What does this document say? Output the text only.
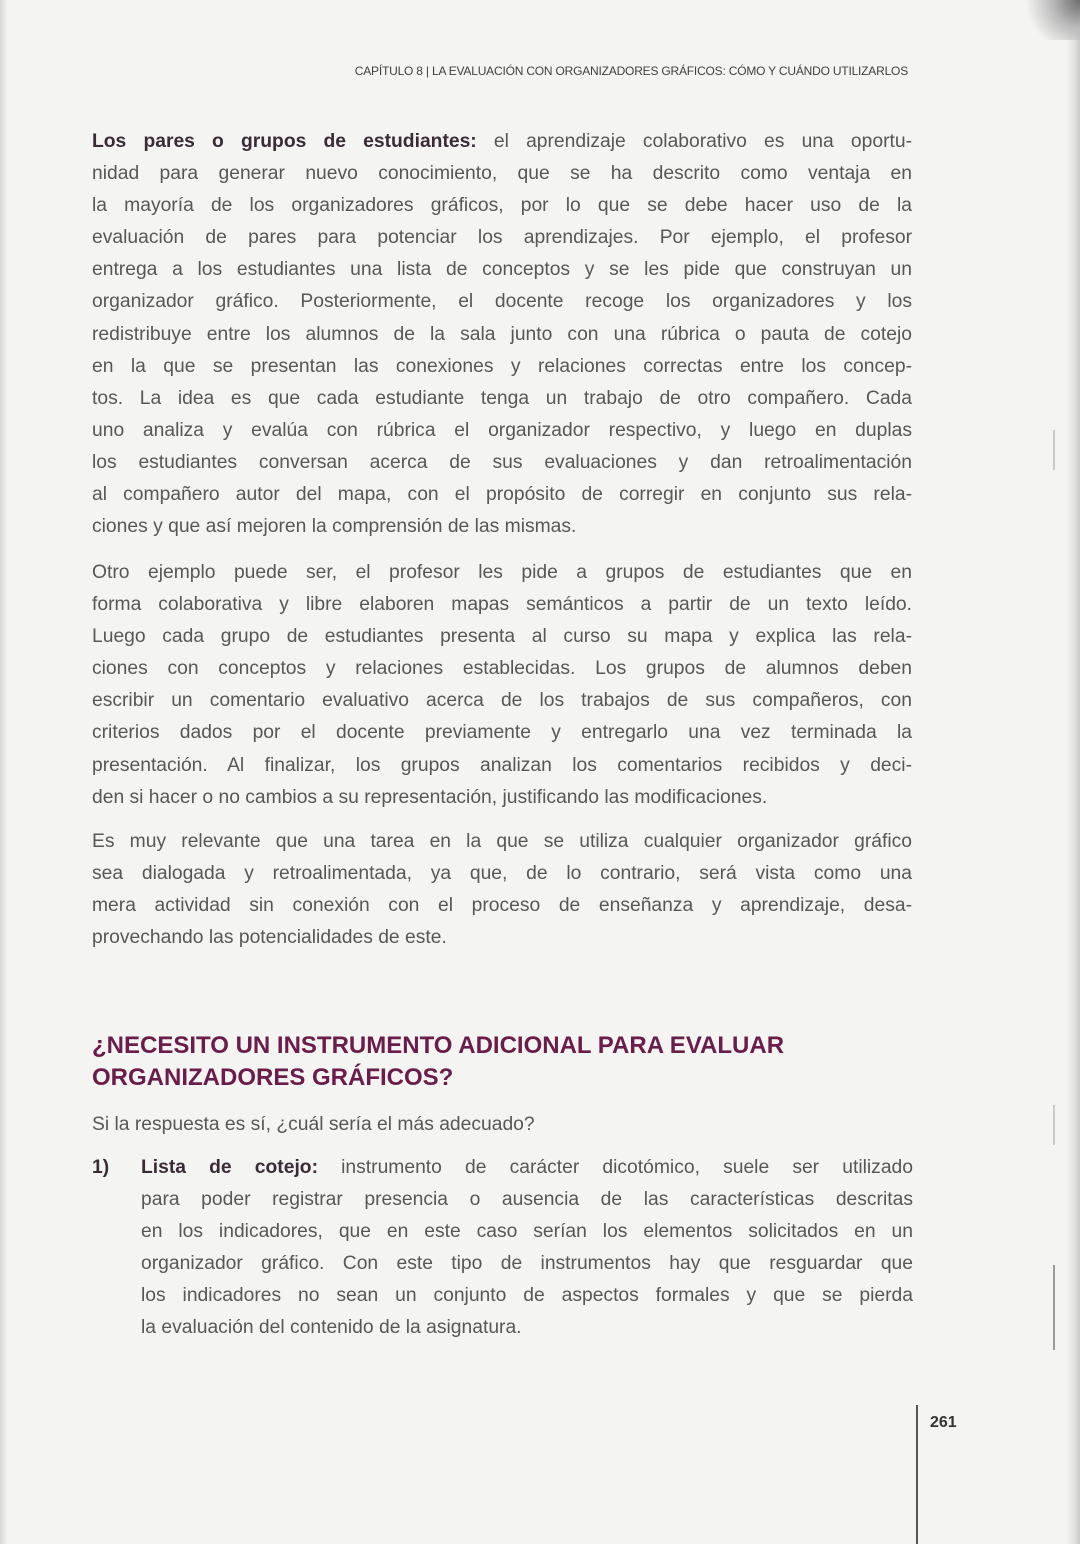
CAPÍTULO 8 | LA EVALUACIÓN CON ORGANIZADORES GRÁFICOS: CÓMO Y CUÁNDO UTILIZARLOS
Los pares o grupos de estudiantes: el aprendizaje colaborativo es una oportu-
nidad para generar nuevo conocimiento, que se ha descrito como ventaja en
la mayoría de los organizadores gráficos, por lo que se debe hacer uso de la
evaluación de pares para potenciar los aprendizajes. Por ejemplo, el profesor
entrega a los estudiantes una lista de conceptos y se les pide que construyan un
organizador gráfico. Posteriormente, el docente recoge los organizadores y los
redistribuye entre los alumnos de la sala junto con una rúbrica o pauta de cotejo
en la que se presentan las conexiones y relaciones correctas entre los concep-
tos. La idea es que cada estudiante tenga un trabajo de otro compañero. Cada
uno analiza y evalúa con rúbrica el organizador respectivo, y luego en duplas
los estudiantes conversan acerca de sus evaluaciones y dan retroalimentación
al compañero autor del mapa, con el propósito de corregir en conjunto sus rela-
ciones y que así mejoren la comprensión de las mismas.
Otro ejemplo puede ser, el profesor les pide a grupos de estudiantes que en
forma colaborativa y libre elaboren mapas semánticos a partir de un texto leído.
Luego cada grupo de estudiantes presenta al curso su mapa y explica las rela-
ciones con conceptos y relaciones establecidas. Los grupos de alumnos deben
escribir un comentario evaluativo acerca de los trabajos de sus compañeros, con
criterios dados por el docente previamente y entregarlo una vez terminada la
presentación. Al finalizar, los grupos analizan los comentarios recibidos y deci-
den si hacer o no cambios a su representación, justificando las modificaciones.
Es muy relevante que una tarea en la que se utiliza cualquier organizador gráfico
sea dialogada y retroalimentada, ya que, de lo contrario, será vista como una
mera actividad sin conexión con el proceso de enseñanza y aprendizaje, desa-
provechando las potencialidades de este.
¿NECESITO UN INSTRUMENTO ADICIONAL PARA EVALUAR
ORGANIZADORES GRÁFICOS?
Si la respuesta es sí, ¿cuál sería el más adecuado?
1) Lista de cotejo: instrumento de carácter dicotómico, suele ser utilizado
para poder registrar presencia o ausencia de las características descritas
en los indicadores, que en este caso serían los elementos solicitados en un
organizador gráfico. Con este tipo de instrumentos hay que resguardar que
los indicadores no sean un conjunto de aspectos formales y que se pierda
la evaluación del contenido de la asignatura.
261
